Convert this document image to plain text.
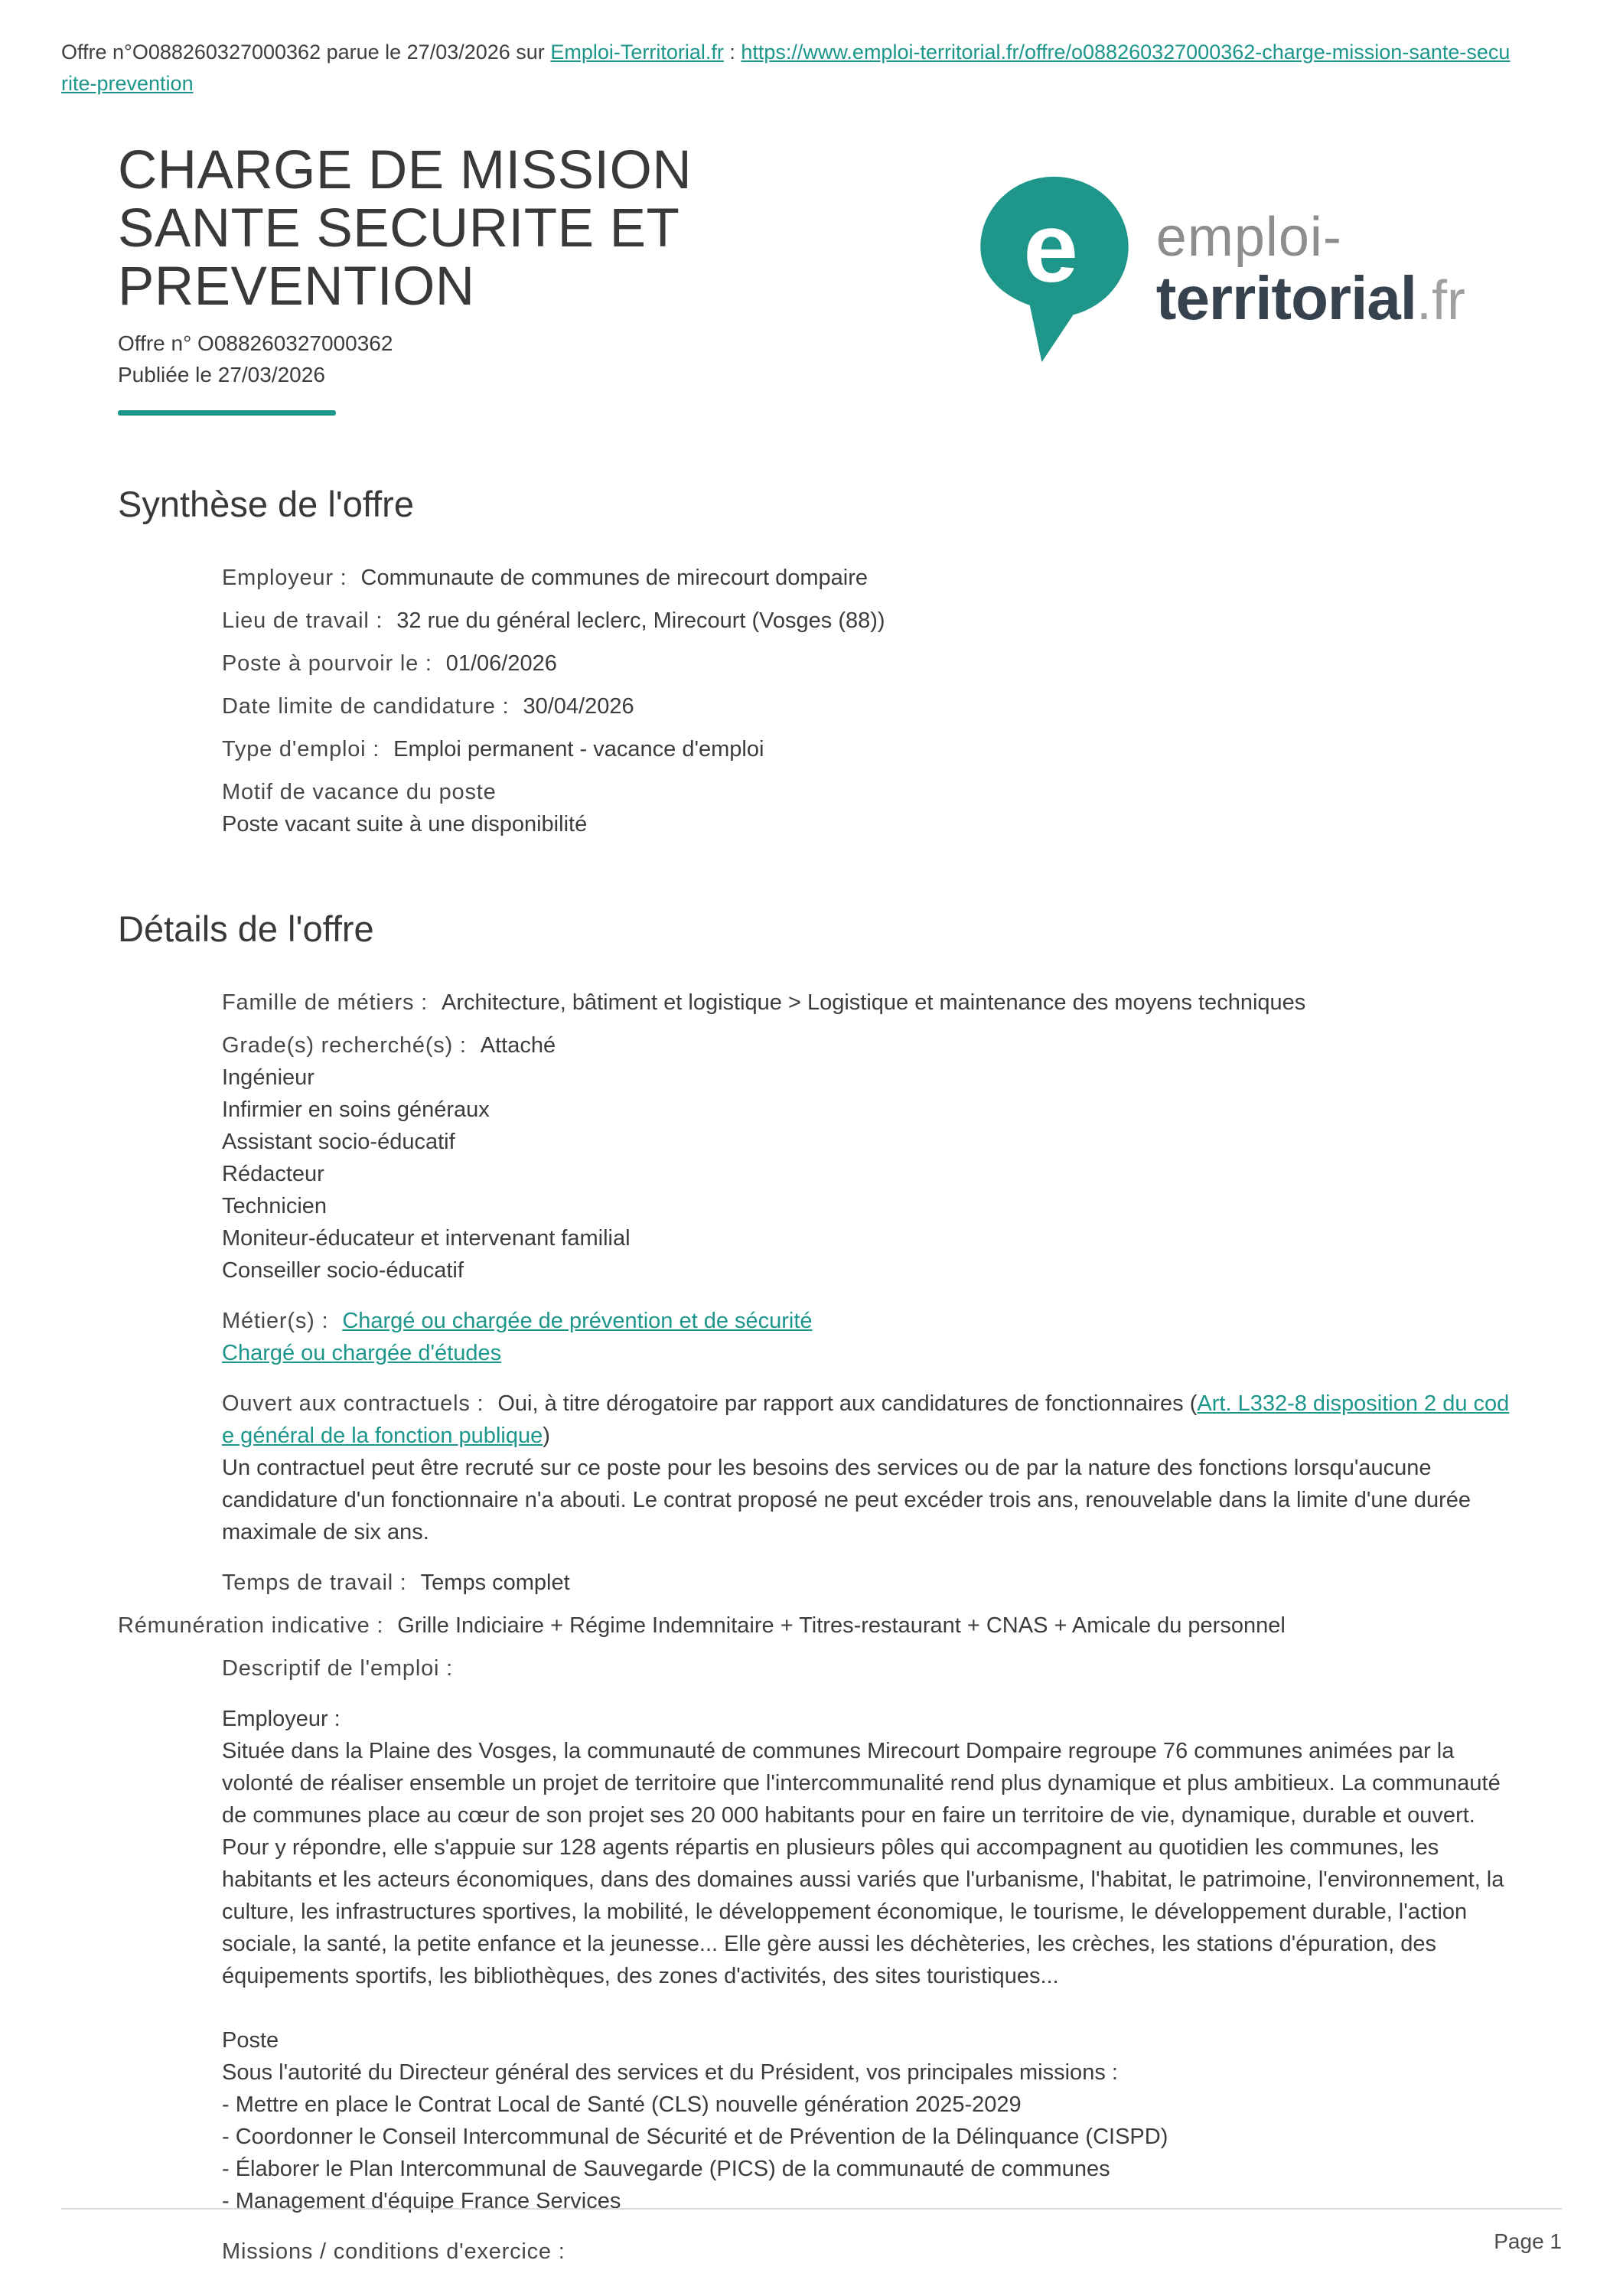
Offre n°O088260327000362 parue le 27/03/2026 sur Emploi-Territorial.fr : https://www.emploi-territorial.fr/offre/o088260327000362-charge-mission-sante-securite-prevention
CHARGE DE MISSION SANTE SECURITE ET PREVENTION
Offre n° O088260327000362
Publiée le 27/03/2026
e emploi-
territorial.fr
Synthèse de l'offre
Employeur : Communaute de communes de mirecourt dompaire
Lieu de travail : 32 rue du général leclerc, Mirecourt (Vosges (88))
Poste à pourvoir le : 01/06/2026
Date limite de candidature : 30/04/2026
Type d'emploi : Emploi permanent - vacance d'emploi
Motif de vacance du poste
Poste vacant suite à une disponibilité
Détails de l'offre
Famille de métiers : Architecture, bâtiment et logistique > Logistique et maintenance des moyens techniques
Grade(s) recherché(s) : Attaché
Ingénieur
Infirmier en soins généraux
Assistant socio-éducatif
Rédacteur
Technicien
Moniteur-éducateur et intervenant familial
Conseiller socio-éducatif
Métier(s) : Chargé ou chargée de prévention et de sécurité
Chargé ou chargée d'études
Ouvert aux contractuels : Oui, à titre dérogatoire par rapport aux candidatures de fonctionnaires (Art. L332-8 disposition 2 du code général de la fonction publique)
Un contractuel peut être recruté sur ce poste pour les besoins des services ou de par la nature des fonctions lorsqu'aucune candidature d'un fonctionnaire n'a abouti. Le contrat proposé ne peut excéder trois ans, renouvelable dans la limite d'une durée maximale de six ans.
Temps de travail : Temps complet
Rémunération indicative : Grille Indiciaire + Régime Indemnitaire + Titres-restaurant + CNAS + Amicale du personnel
Descriptif de l'emploi :
Employeur :
Située dans la Plaine des Vosges, la communauté de communes Mirecourt Dompaire regroupe 76 communes animées par la volonté de réaliser ensemble un projet de territoire que l'intercommunalité rend plus dynamique et plus ambitieux. La communauté de communes place au cœur de son projet ses 20 000 habitants pour en faire un territoire de vie, dynamique, durable et ouvert.
Pour y répondre, elle s'appuie sur 128 agents répartis en plusieurs pôles qui accompagnent au quotidien les communes, les habitants et les acteurs économiques, dans des domaines aussi variés que l'urbanisme, l'habitat, le patrimoine, l'environnement, la culture, les infrastructures sportives, la mobilité, le développement économique, le tourisme, le développement durable, l'action sociale, la santé, la petite enfance et la jeunesse... Elle gère aussi les déchèteries, les crèches, les stations d'épuration, des équipements sportifs, les bibliothèques, des zones d'activités, des sites touristiques...
Poste
Sous l'autorité du Directeur général des services et du Président, vos principales missions :
- Mettre en place le Contrat Local de Santé (CLS) nouvelle génération 2025-2029
- Coordonner le Conseil Intercommunal de Sécurité et de Prévention de la Délinquance (CISPD)
- Élaborer le Plan Intercommunal de Sauvegarde (PICS) de la communauté de communes
- Management d'équipe France Services
Missions / conditions d'exercice :	Page 1
